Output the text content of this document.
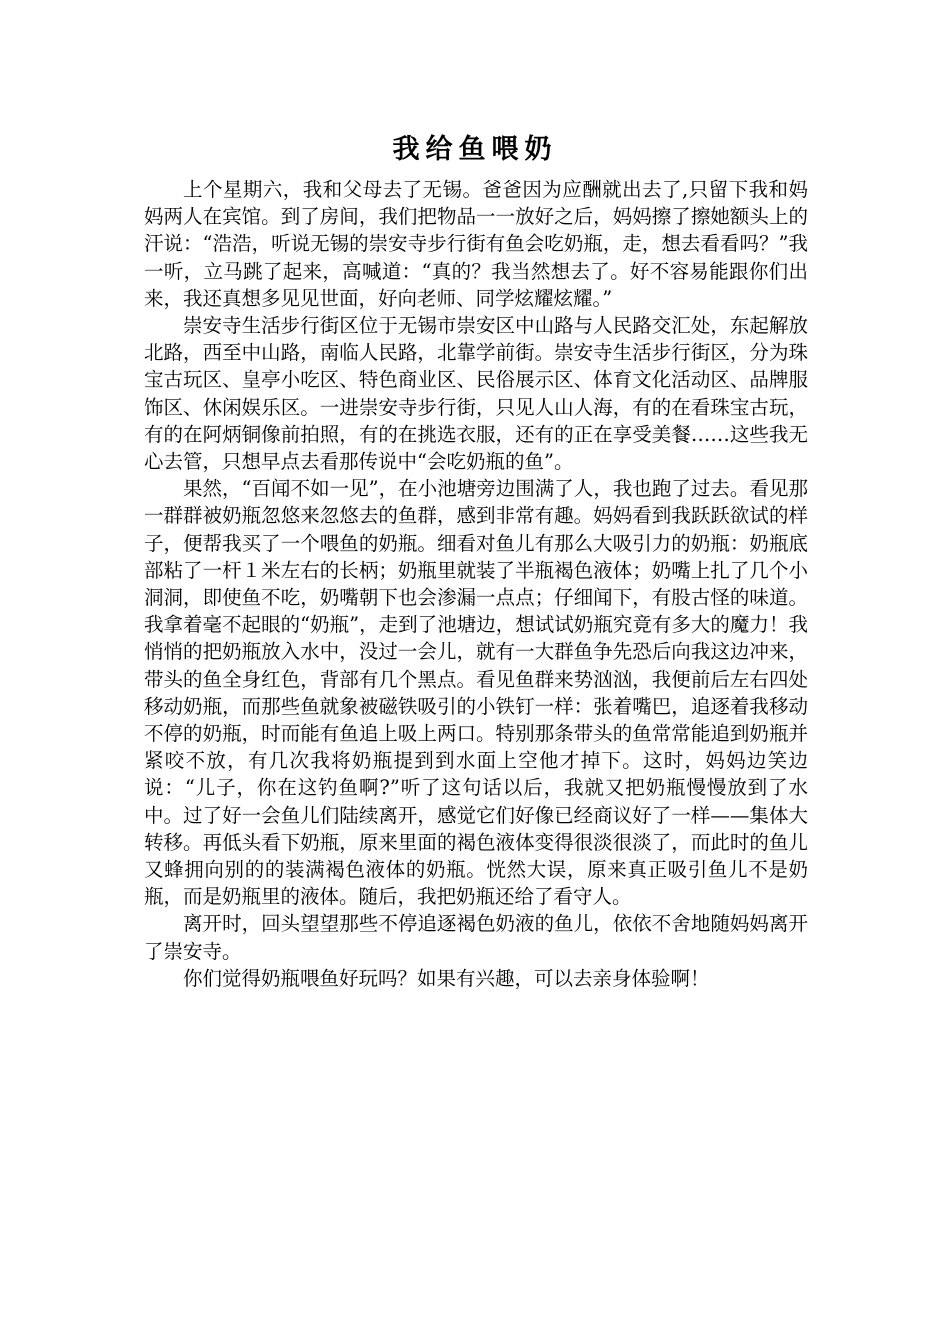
我给鱼喂奶

上个星期六，我和父母去了无锡。爸爸因为应酬就出去了,只留下我和妈妈两人在宾馆。到了房间，我们把物品一一放好之后，妈妈擦了擦她额头上的汗说：“浩浩，听说无锡的崇安寺步行街有鱼会吃奶瓶，走，想去看看吗？”我一听，立马跳了起来，高喊道：“真的？我当然想去了。好不容易能跟你们出来，我还真想多见见世面，好向老师、同学炫耀炫耀。”

崇安寺生活步行街区位于无锡市崇安区中山路与人民路交汇处，东起解放北路，西至中山路，南临人民路，北靠学前街。崇安寺生活步行街区，分为珠宝古玩区、皇亭小吃区、特色商业区、民俗展示区、体育文化活动区、品牌服饰区、休闲娱乐区。一进崇安寺步行街，只见人山人海，有的在看珠宝古玩，有的在阿炳铜像前拍照，有的在挑选衣服，还有的正在享受美餐……这些我无心去管，只想早点去看那传说中“会吃奶瓶的鱼”。

果然，“百闻不如一见”，在小池塘旁边围满了人，我也跑了过去。看见那一群群被奶瓶忽悠来忽悠去的鱼群，感到非常有趣。妈妈看到我跃跃欲试的样子，便帮我买了一个喂鱼的奶瓶。细看对鱼儿有那么大吸引力的奶瓶：奶瓶底部粘了一杆１米左右的长柄；奶瓶里就装了半瓶褐色液体；奶嘴上扎了几个小洞洞，即使鱼不吃，奶嘴朝下也会渗漏一点点；仔细闻下，有股古怪的味道。我拿着毫不起眼的“奶瓶”，走到了池塘边，想试试奶瓶究竟有多大的魔力！我悄悄的把奶瓶放入水中，没过一会儿，就有一大群鱼争先恐后向我这边冲来，带头的鱼全身红色，背部有几个黑点。看见鱼群来势汹汹，我便前后左右四处移动奶瓶，而那些鱼就象被磁铁吸引的小铁钉一样：张着嘴巴，追逐着我移动不停的奶瓶，时而能有鱼追上吸上两口。特别那条带头的鱼常常能追到奶瓶并紧咬不放，有几次我将奶瓶提到到水面上空他才掉下。这时，妈妈边笑边说：“儿子，你在这钓鱼啊?”听了这句话以后，我就又把奶瓶慢慢放到了水中。过了好一会鱼儿们陆续离开，感觉它们好像已经商议好了一样——集体大转移。再低头看下奶瓶，原来里面的褐色液体变得很淡很淡了，而此时的鱼儿又蜂拥向别的的装满褐色液体的奶瓶。恍然大误，原来真正吸引鱼儿不是奶瓶，而是奶瓶里的液体。随后，我把奶瓶还给了看守人。

离开时，回头望望那些不停追逐褐色奶液的鱼儿，依依不舍地随妈妈离开了崇安寺。

你们觉得奶瓶喂鱼好玩吗？如果有兴趣，可以去亲身体验啊！
